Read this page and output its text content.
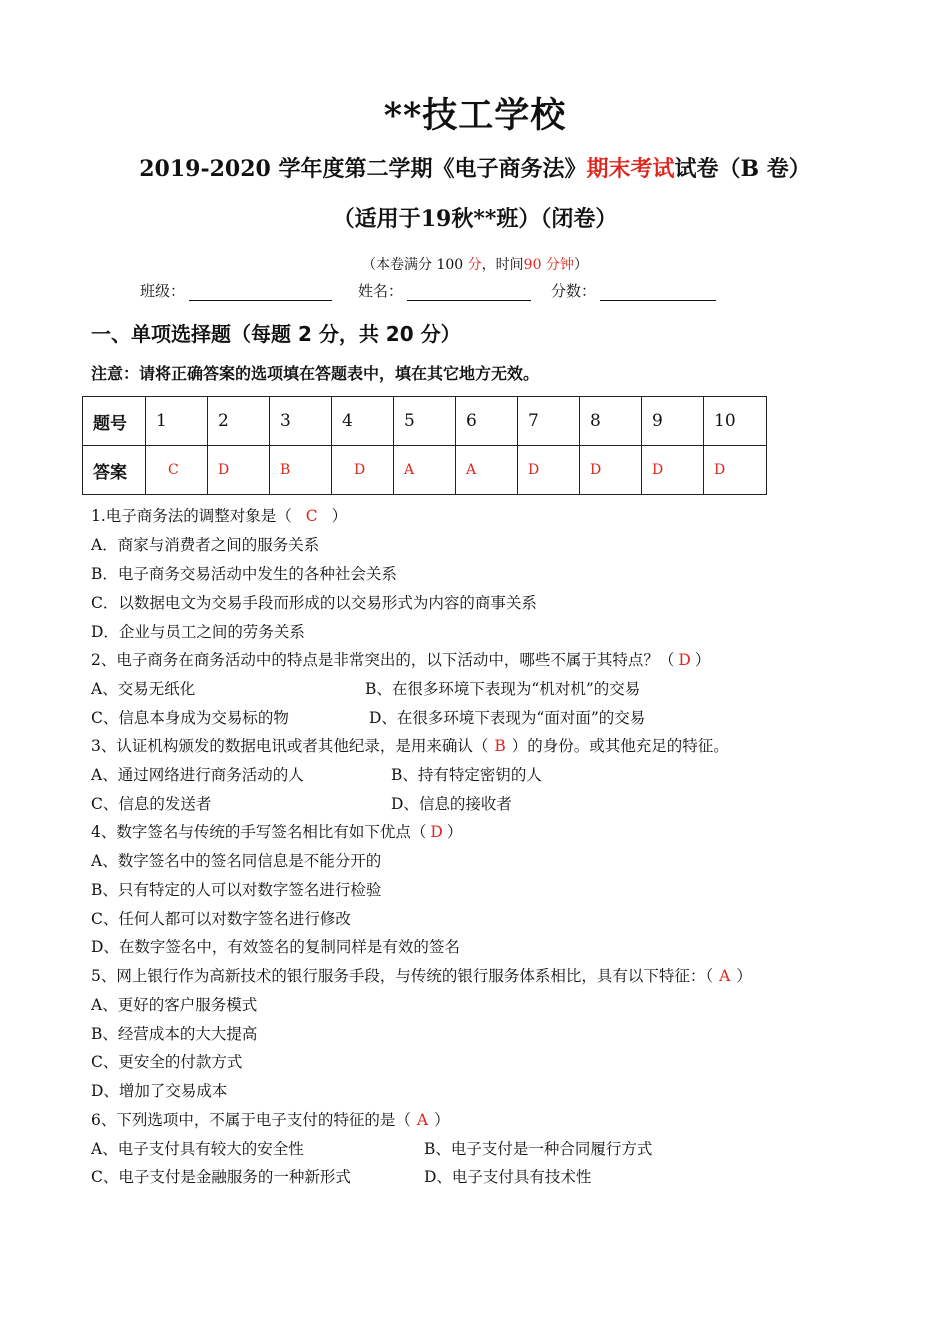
**技工学校
2019-2020 学年度第二学期《电子商务法》期末考试试卷（B 卷）
（适用于19秋**班）（闭卷）
（本卷满分 100 分，时间90 分钟）
班级：	姓名：	分数：
一、单项选择题（每题 2 分，共 20 分）
注意：请将正确答案的选项填在答题表中，填在其它地方无效。
题号	1	2	3	4	5	6	7	8	9	10
答案	C	D	B	D	A	A	D	D	D	D
1.电子商务法的调整对象是（ C ）
A．商家与消费者之间的服务关系
B．电子商务交易活动中发生的各种社会关系
C．以数据电文为交易手段而形成的以交易形式为内容的商事关系
D．企业与员工之间的劳务关系
2、电子商务在商务活动中的特点是非常突出的，以下活动中，哪些不属于其特点？（ D ）
A、交易无纸化	B、在很多环境下表现为“机对机”的交易
C、信息本身成为交易标的物	D、在很多环境下表现为“面对面”的交易
3、认证机构颁发的数据电讯或者其他纪录，是用来确认（ B ）的身份。或其他充足的特征。
A、通过网络进行商务活动的人	B、持有特定密钥的人
C、信息的发送者	D、信息的接收者
4、数字签名与传统的手写签名相比有如下优点（ D ）
A、数字签名中的签名同信息是不能分开的
B、只有特定的人可以对数字签名进行检验
C、任何人都可以对数字签名进行修改
D、在数字签名中，有效签名的复制同样是有效的签名
5、网上银行作为高新技术的银行服务手段，与传统的银行服务体系相比，具有以下特征：（ A ）
A、更好的客户服务模式
B、经营成本的大大提高
C、更安全的付款方式
D、增加了交易成本
6、下列选项中，不属于电子支付的特征的是（ A ）
A、电子支付具有较大的安全性	B、电子支付是一种合同履行方式
C、电子支付是金融服务的一种新形式	D、电子支付具有技术性
